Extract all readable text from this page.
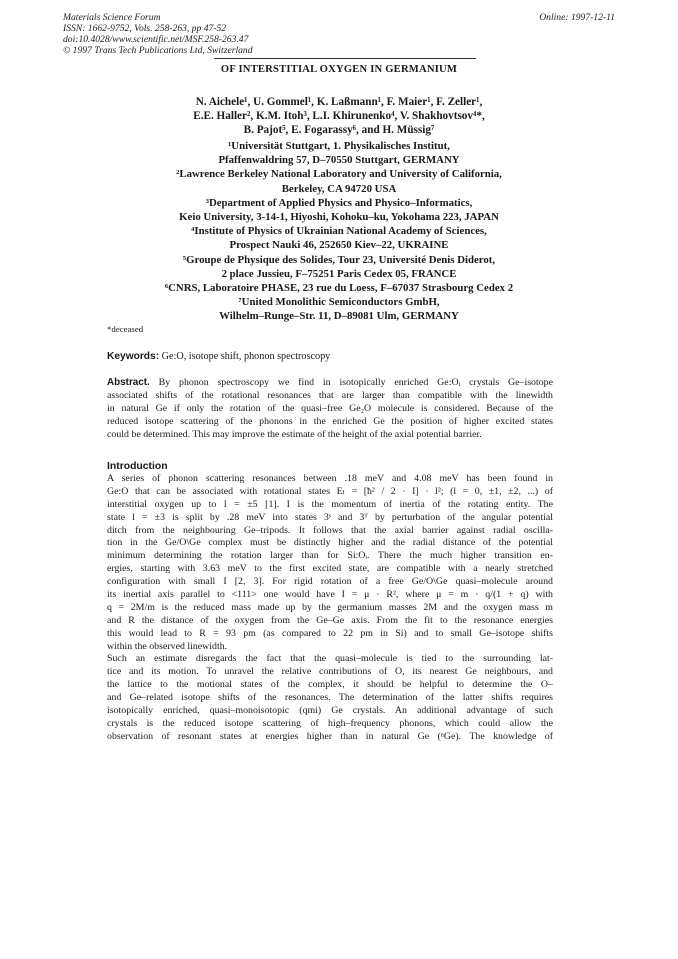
Materials Science Forum
ISSN: 1662-9752, Vols. 258-263, pp 47-52
doi:10.4028/www.scientific.net/MSF.258-263.47
© 1997 Trans Tech Publications Ltd, Switzerland
Online: 1997-12-11
OF INTERSTITIAL OXYGEN IN GERMANIUM
N. Aichele¹, U. Gommel¹, K. Laßmann¹, F. Maier¹, F. Zeller¹,
E.E. Haller², K.M. Itoh³, L.I. Khirunenko⁴, V. Shakhovtsov⁴*,
B. Pajot⁵, E. Fogarassy⁶, and H. Müssig⁷
¹Universität Stuttgart, 1. Physikalisches Institut,
Pfaffenwaldring 57, D–70550 Stuttgart, GERMANY
²Lawrence Berkeley National Laboratory and University of California,
Berkeley, CA 94720 USA
³Department of Applied Physics and Physico–Informatics,
Keio University, 3-14-1, Hiyoshi, Kohoku–ku, Yokohama 223, JAPAN
⁴Institute of Physics of Ukrainian National Academy of Sciences,
Prospect Nauki 46, 252650 Kiev–22, UKRAINE
⁵Groupe de Physique des Solides, Tour 23, Université Denis Diderot,
2 place Jussieu, F–75251 Paris Cedex 05, FRANCE
⁶CNRS, Laboratoire PHASE, 23 rue du Loess, F–67037 Strasbourg Cedex 2
⁷United Monolithic Semiconductors GmbH,
Wilhelm–Runge–Str. 11, D–89081 Ulm, GERMANY
*deceased
Keywords: Ge:O, isotope shift, phonon spectroscopy
Abstract. By phonon spectroscopy we find in isotopically enriched Ge:Oᵢ crystals Ge–isotope
associated shifts of the rotational resonances that are larger than compatible with the linewidth
in natural Ge if only the rotation of the quasi–free Ge₂O molecule is considered. Because of the
reduced isotope scattering of the phonons in the enriched Ge the position of higher excited states
could be determined. This may improve the estimate of the height of the axial potential barrier.
Introduction
A series of phonon scattering resonances between .18 meV and 4.08 meV has been found in
Ge:O that can be associated with rotational states Eₗ = [ħ² / 2 · I] · l²; (l = 0, ±1, ±2, ...) of
interstitial oxygen up to l = ±5 [1]. I is the momentum of inertia of the rotating entity. The
state l = ±3 is split by .28 meV into states 3ˢ and 3ᵀ by perturbation of the angular potential
ditch from the neighbouring Ge–tripods. It follows that the axial barrier against radial oscilla-
tion in the Ge/O\Ge complex must be distinctly higher and the radial distance of the potential
minimum determining the rotation larger than for Si:Oᵢ. There the much higher transition en-
ergies, starting with 3.63 meV to the first excited state, are compatible with a nearly stretched
configuration with small I [2, 3]. For rigid rotation of a free Ge/O\Ge quasi–molecule around
its inertial axis parallel to <111> one would have I = μ · R², where μ = m · q/(1 + q) with
q = 2M/m is the reduced mass made up by the germanium masses 2M and the oxygen mass m
and R the distance of the oxygen from the Ge–Ge axis. From the fit to the resonance energies
this would lead to R = 93 pm (as compared to 22 pm in Si) and to small Ge–isotope shifts
within the observed linewidth.
Such an estimate disregards the fact that the quasi–molecule is tied to the surrounding lat-
tice and its motion. To unravel the relative contributions of O, its nearest Ge neighbours, and
the lattice to the motional states of the complex, it should be helpful to determine the O–
and Ge–related isotope shifts of the resonances. The determination of the latter shifts requires
isotopically enriched, quasi–monoisotopic (qmi) Ge crystals. An additional advantage of such
crystals is the reduced isotope scattering of high–frequency phonons, which could allow the
observation of resonant states at energies higher than in natural Ge (ⁿGe). The knowledge of
